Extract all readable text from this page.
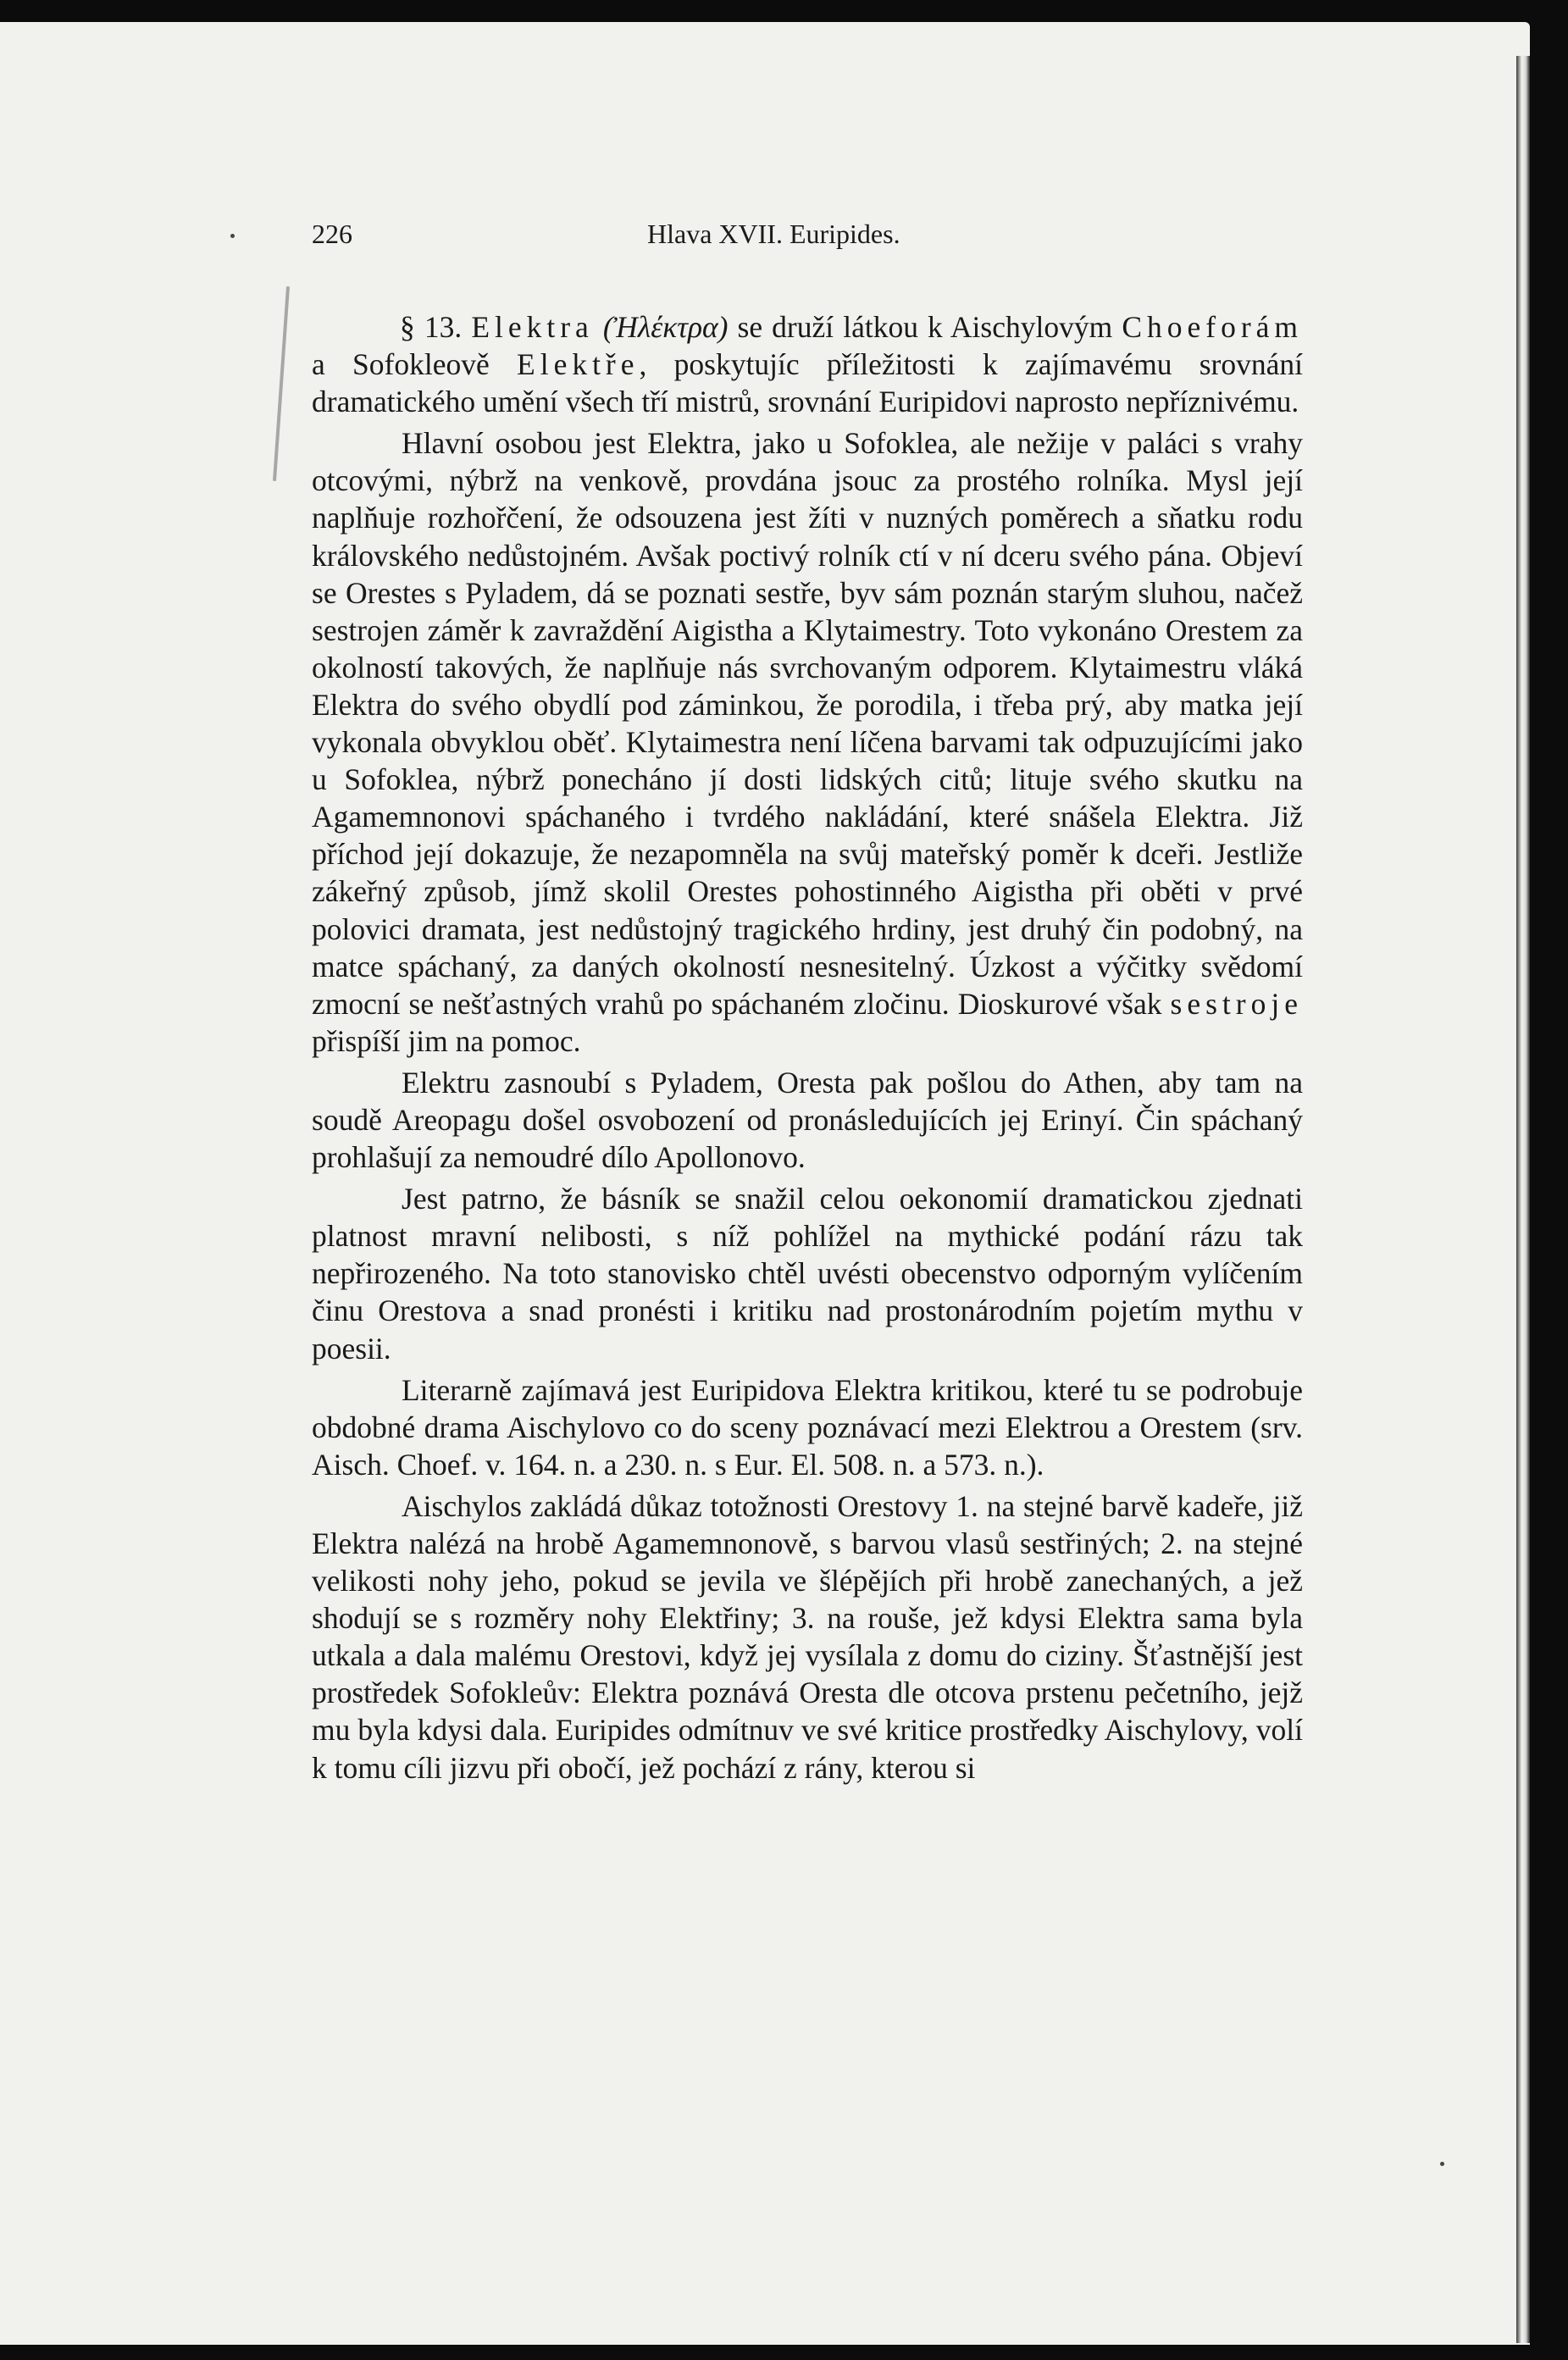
226	Hlava XVII. Euripides.

§ 13. Elektra (Ἠλέκτρα) se druží látkou k Aischylovým Choeforám a Sofokleově Elektře, poskytujíc příležitosti k zajímavému srovnání dramatického umění všech tří mistrů, srovnání Euripidovi naprosto nepříznivému.

Hlavní osobou jest Elektra, jako u Sofoklea, ale nežije v paláci s vrahy otcovými, nýbrž na venkově, provdána jsouc za prostého rolníka. Mysl její naplňuje rozhořčení, že odsouzena jest žíti v nuzných poměrech a sňatku rodu královského nedůstojném. Avšak poctivý rolník ctí v ní dceru svého pána. Objeví se Orestes s Pyladem, dá se poznati sestře, byv sám poznán starým sluhou, načež sestrojen záměr k zavraždění Aigistha a Klytaimestry. Toto vykonáno Orestem za okolností takových, že naplňuje nás svrchovaným odporem. Klytaimestru vláká Elektra do svého obydlí pod záminkou, že porodila, i třeba prý, aby matka její vykonala obvyklou oběť. Klytaimestra není líčena barvami tak odpuzujícími jako u Sofoklea, nýbrž ponecháno jí dosti lidských citů; lituje svého skutku na Agamemnonovi spáchaného i tvrdého nakládání, které snášela Elektra. Již příchod její dokazuje, že nezapomněla na svůj mateřský poměr k dceři. Jestliže zákeřný způsob, jímž skolil Orestes pohostinného Aigistha při oběti v prvé polovici dramata, jest nedůstojný tragického hrdiny, jest druhý čin podobný, na matce spáchaný, za daných okolností nesnesitelný. Úzkost a výčitky svědomí zmocní se nešťastných vrahů po spáchaném zločinu. Dioskurové však sestroje přispíší jim na pomoc.

Elektru zasnoubí s Pyladem, Oresta pak pošlou do Athen, aby tam na soudě Areopagu došel osvobození od pronásledujících jej Erinyí. Čin spáchaný prohlašují za nemoudré dílo Apollonovo.

Jest patrno, že básník se snažil celou oekonomií dramatickou zjednati platnost mravní nelibosti, s níž pohlížel na mythické podání rázu tak nepřirozeného. Na toto stanovisko chtěl uvésti obecenstvo odporným vylíčením činu Orestova a snad pronésti i kritiku nad prostonárodním pojetím mythu v poesii.

Literarně zajímavá jest Euripidova Elektra kritikou, které tu se podrobuje obdobné drama Aischylovo co do sceny poznávací mezi Elektrou a Orestem (srv. Aisch. Choef. v. 164. n. a 230. n. s Eur. El. 508. n. a 573. n.).

Aischylos zakládá důkaz totožnosti Orestovy 1. na stejné barvě kadeře, již Elektra nalézá na hrobě Agamemnonově, s barvou vlasů sestřiných; 2. na stejné velikosti nohy jeho, pokud se jevila ve šlépějích při hrobě zanechaných, a jež shodují se s rozměry nohy Elektřiny; 3. na rouše, jež kdysi Elektra sama byla utkala a dala malému Orestovi, když jej vysílala z domu do ciziny. Šťastnější jest prostředek Sofokleův: Elektra poznává Oresta dle otcova prstenu pečetního, jejž mu byla kdysi dala. Euripides odmítnuv ve své kritice prostředky Aischylovy, volí k tomu cíli jizvu při obočí, jež pochází z rány, kterou si
